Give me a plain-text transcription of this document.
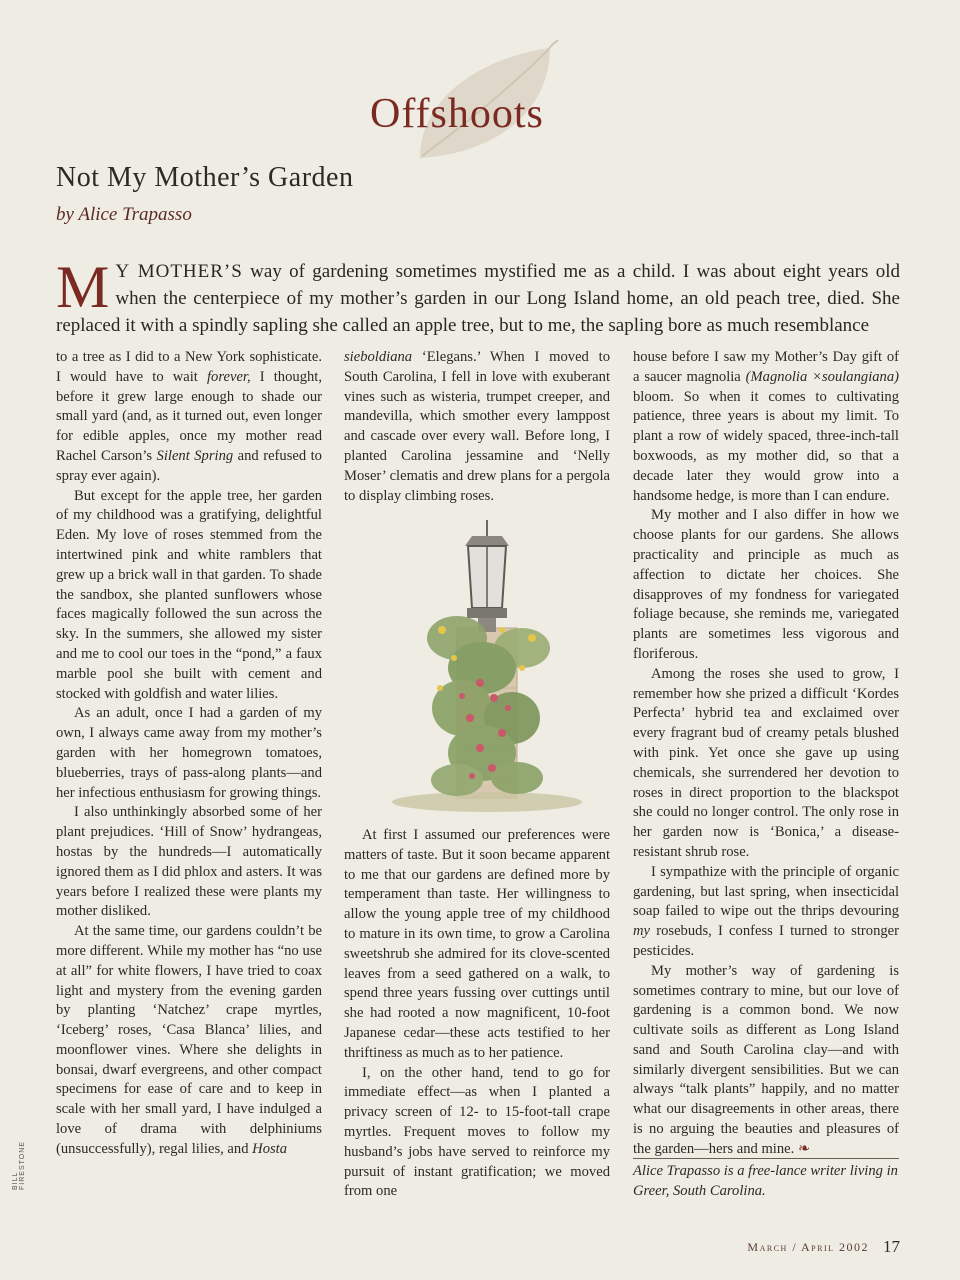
Offshoots
Not My Mother’s Garden
by Alice Trapasso
M Y MOTHER’S way of gardening sometimes mystified me as a child. I was about eight years old when the centerpiece of my mother’s garden in our Long Island home, an old peach tree, died. She replaced it with a spindly sapling she called an apple tree, but to me, the sapling bore as much resemblance

to a tree as I did to a New York sophisticate. I would have to wait forever, I thought, before it grew large enough to shade our small yard (and, as it turned out, even longer for edible apples, once my mother read Rachel Carson’s Silent Spring and refused to spray ever again).

But except for the apple tree, her garden of my childhood was a gratifying, delightful Eden. My love of roses stemmed from the intertwined pink and white ramblers that grew up a brick wall in that garden. To shade the sandbox, she planted sunflowers whose faces magically followed the sun across the sky. In the summers, she allowed my sister and me to cool our toes in the “pond,” a faux marble pool she built with cement and stocked with goldfish and water lilies.

As an adult, once I had a garden of my own, I always came away from my mother’s garden with her homegrown tomatoes, blueberries, trays of pass-along plants—and her infectious enthusiasm for growing things.

I also unthinkingly absorbed some of her plant prejudices. ‘Hill of Snow’ hydrangeas, hostas by the hundreds—I automatically ignored them as I did phlox and asters. It was years before I realized these were plants my mother disliked.

At the same time, our gardens couldn’t be more different. While my mother has “no use at all” for white flowers, I have tried to coax light and mystery from the evening garden by planting ‘Natchez’ crape myrtles, ‘Iceberg’ roses, ‘Casa Blanca’ lilies, and moonflower vines. Where she delights in bonsai, dwarf evergreens, and other compact specimens for ease of care and to keep in scale with her small yard, I have indulged a love of drama with delphiniums (unsuccessfully), regal lilies, and Hosta

sieboldiana ‘Elegans.’ When I moved to South Carolina, I fell in love with exuberant vines such as wisteria, trumpet creeper, and mandevilla, which smother every lamppost and cascade over every wall. Before long, I planted Carolina jessamine and ‘Nelly Moser’ clematis and drew plans for a pergola to display climbing roses.

At first I assumed our preferences were matters of taste. But it soon became apparent to me that our gardens are defined more by temperament than taste. Her willingness to allow the young apple tree of my childhood to mature in its own time, to grow a Carolina sweetshrub she admired for its clove-scented leaves from a seed gathered on a walk, to spend three years fussing over cuttings until she had rooted a now magnificent, 10-foot Japanese cedar—these acts testified to her thriftiness as much as to her patience.

I, on the other hand, tend to go for immediate effect—as when I planted a privacy screen of 12- to 15-foot-tall crape myrtles. Frequent moves to follow my husband’s jobs have served to reinforce my pursuit of instant gratification; we moved from one

house before I saw my Mother’s Day gift of a saucer magnolia (Magnolia ×soulangiana) bloom. So when it comes to cultivating patience, three years is about my limit. To plant a row of widely spaced, three-inch-tall boxwoods, as my mother did, so that a decade later they would grow into a handsome hedge, is more than I can endure.

My mother and I also differ in how we choose plants for our gardens. She allows practicality and principle as much as affection to dictate her choices. She disapproves of my fondness for variegated foliage because, she reminds me, variegated plants are sometimes less vigorous and floriferous.

Among the roses she used to grow, I remember how she prized a difficult ‘Kordes Perfecta’ hybrid tea and exclaimed over every fragrant bud of creamy petals blushed with pink. Yet once she gave up using chemicals, she surrendered her devotion to roses in direct proportion to the blackspot she could no longer control. The only rose in her garden now is ‘Bonica,’ a disease-resistant shrub rose.

I sympathize with the principle of organic gardening, but last spring, when insecticidal soap failed to wipe out the thrips devouring my rosebuds, I confess I turned to stronger pesticides.

My mother’s way of gardening is sometimes contrary to mine, but our love of gardening is a common bond. We now cultivate soils as different as Long Island sand and South Carolina clay—and with similarly divergent sensibilities. But we can always “talk plants” happily, and no matter what our disagreements in other areas, there is no arguing the beauties and pleasures of the garden—hers and mine. ❧

Alice Trapasso is a free-lance writer living in Greer, South Carolina.
BILL FIRESTONE
March / April 2002 17
